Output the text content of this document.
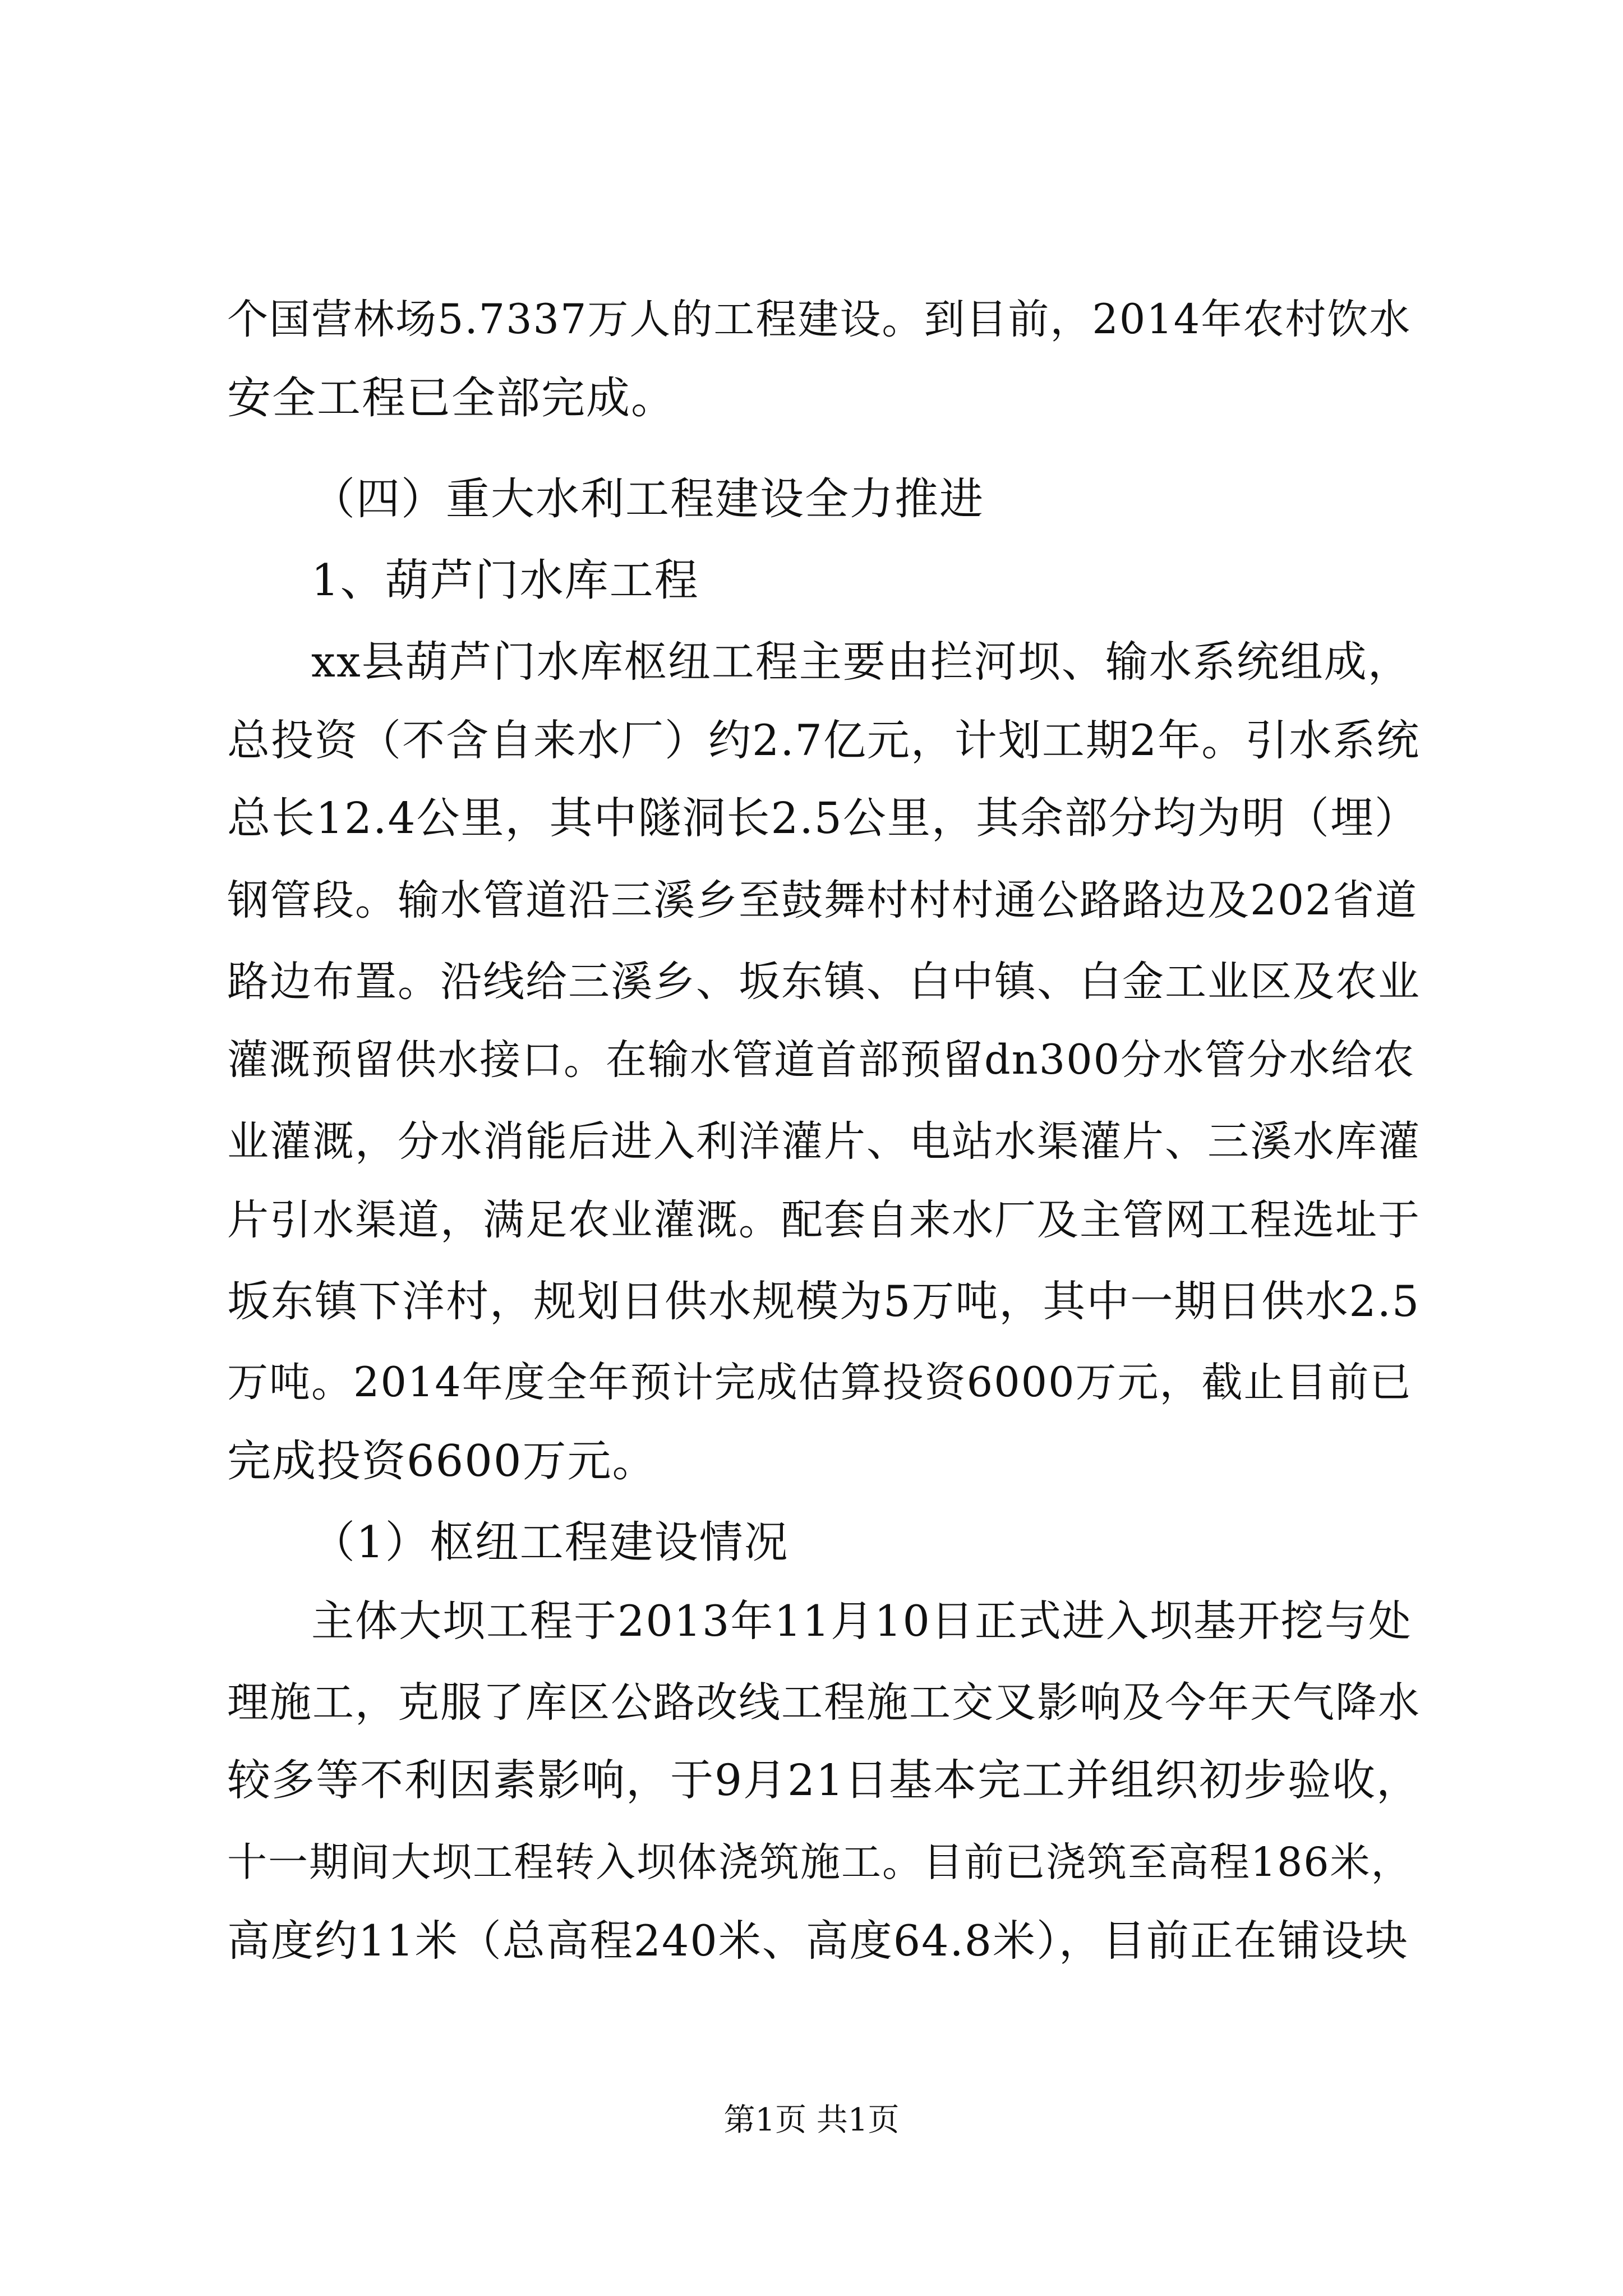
个国营林场5.7337万人的工程建设。到目前，2014年农村饮水
安全工程已全部完成。
（四）重大水利工程建设全力推进
1、葫芦门水库工程
xx县葫芦门水库枢纽工程主要由拦河坝、输水系统组成，
总投资（不含自来水厂）约2.7亿元，计划工期2年。引水系统
总长12.4公里，其中隧洞长2.5公里，其余部分均为明（埋）
钢管段。输水管道沿三溪乡至鼓舞村村村通公路路边及202省道
路边布置。沿线给三溪乡、坂东镇、白中镇、白金工业区及农业
灌溉预留供水接口。在输水管道首部预留dn300分水管分水给农
业灌溉，分水消能后进入利洋灌片、电站水渠灌片、三溪水库灌
片引水渠道，满足农业灌溉。配套自来水厂及主管网工程选址于
坂东镇下洋村，规划日供水规模为5万吨，其中一期日供水2.5
万吨。2014年度全年预计完成估算投资6000万元，截止目前已
完成投资6600万元。
（1）枢纽工程建设情况
主体大坝工程于2013年11月10日正式进入坝基开挖与处
理施工，克服了库区公路改线工程施工交叉影响及今年天气降水
较多等不利因素影响，于9月21日基本完工并组织初步验收，
十一期间大坝工程转入坝体浇筑施工。目前已浇筑至高程186米，
高度约11米（总高程240米、高度64.8米），目前正在铺设块
第1页 共1页
